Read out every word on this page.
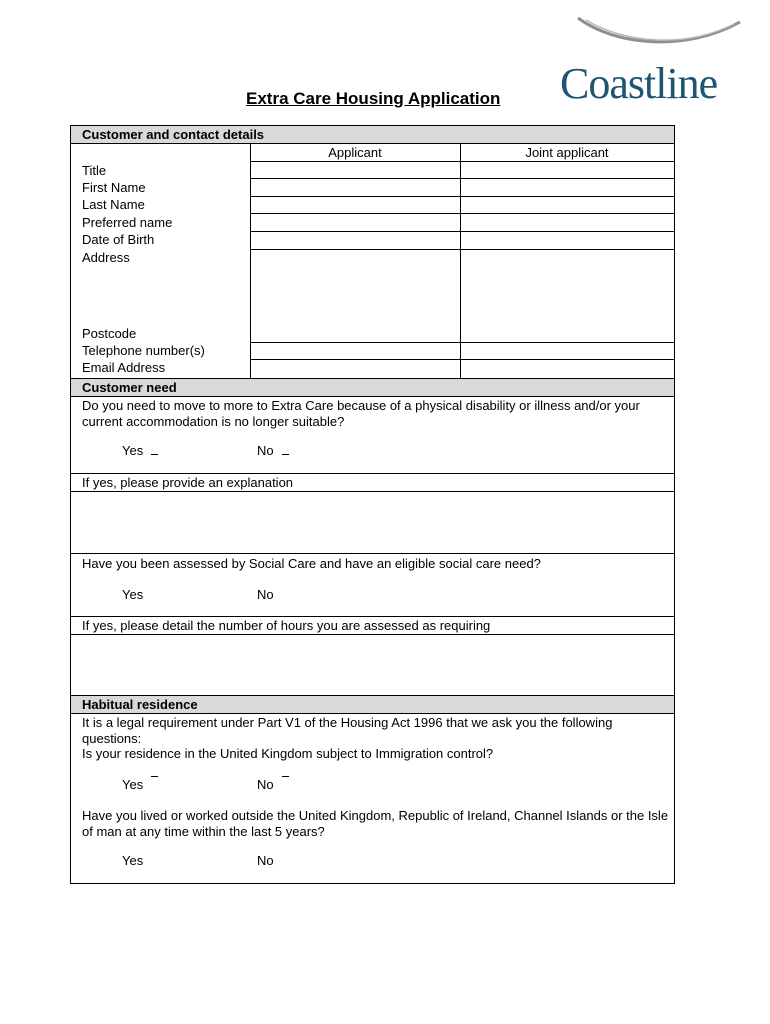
Coastline
Extra Care Housing Application
Customer and contact details
Applicant	Joint applicant
Title
First Name
Last Name
Preferred name
Date of Birth
Address
Postcode
Telephone number(s)
Email Address
Customer need
Do you need to move to more to Extra Care because of a physical disability or illness and/or your current accommodation is no longer suitable?
Yes	No
If yes, please provide an explanation
Have you been assessed by Social Care and have an eligible social care need?
Yes	No
If yes, please detail the number of hours you are assessed as requiring
Habitual residence
It is a legal requirement under Part V1 of the Housing Act 1996 that we ask you the following questions:
Is your residence in the United Kingdom subject to Immigration control?
Yes	No
Have you lived or worked outside the United Kingdom, Republic of Ireland, Channel Islands or the Isle of man at any time within the last 5 years?
Yes	No
